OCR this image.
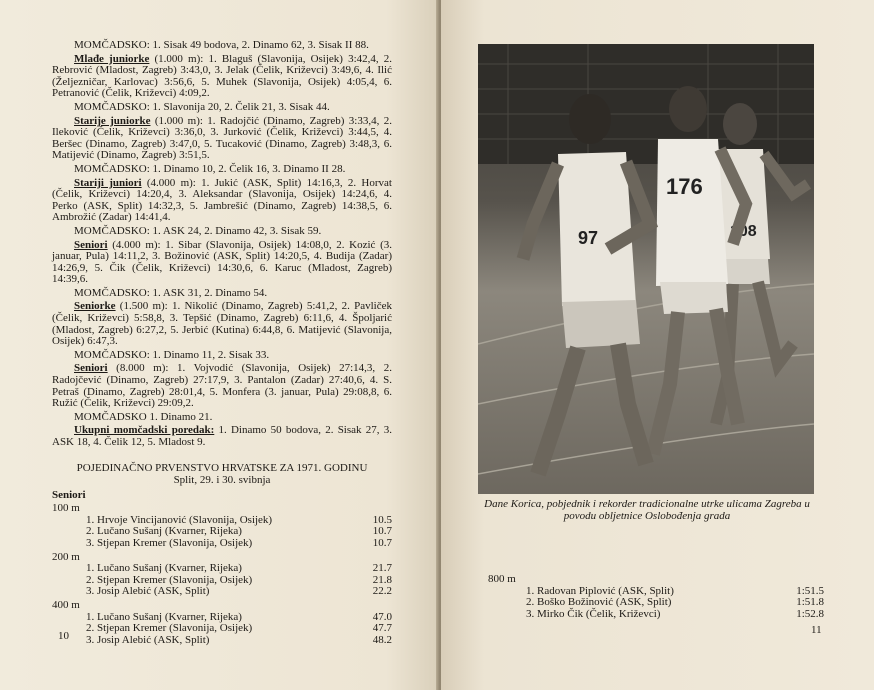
MOMČADSKO: 1. Sisak 49 bodova, 2. Dinamo 62, 3. Sisak II 88.
Mlađe juniorke (1.000 m): 1. Blaguš (Slavonija, Osijek) 3:42,4, 2. Rebrović (Mladost, Zagreb) 3:43,0, 3. Jelak (Čelik, Križevci) 3:49,6, 4. Ilić (Željezničar, Karlovac) 3:56,6, 5. Muhek (Slavonija, Osijek) 4:05,4, 6. Petranović (Čelik, Križevci) 4:09,2.
MOMČADSKO: 1. Slavonija 20, 2. Čelik 21, 3. Sisak 44.
Starije juniorke (1.000 m): 1. Radojčić (Dinamo, Zagreb) 3:33,4, 2. Ileković (Čelik, Križevci) 3:36,0, 3. Jurković (Čelik, Križevci) 3:44,5, 4. Beršec (Dinamo, Zagreb) 3:47,0, 5. Tucaković (Dinamo, Zagreb) 3:48,3, 6. Matijević (Dinamo, Zagreb) 3:51,5.
MOMČADSKO: 1. Dinamo 10, 2. Čelik 16, 3. Dinamo II 28.
Stariji juniori (4.000 m): 1. Jukić (ASK, Split) 14:16,3, 2. Horvat (Čelik, Križevci) 14:20,4, 3. Aleksandar (Slavonija, Osijek) 14:24,6, 4. Perko (ASK, Split) 14:32,3, 5. Jambrešić (Dinamo, Zagreb) 14:38,5, 6. Ambrožić (Zadar) 14:41,4.
MOMČADSKO: 1. ASK 24, 2. Dinamo 42, 3. Sisak 59.
Seniori (4.000 m): 1. Sibar (Slavonija, Osijek) 14:08,0, 2. Kozić (3. januar, Pula) 14:11,2, 3. Božinović (ASK, Split) 14:20,5, 4. Budija (Zadar) 14:26,9, 5. Čik (Čelik, Križevci) 14:30,6, 6. Karuc (Mladost, Zagreb) 14:39,6.
MOMČADSKO: 1. ASK 31, 2. Dinamo 54.
Seniorke (1.500 m): 1. Nikolić (Dinamo, Zagreb) 5:41,2, 2. Pavliček (Čelik, Križevci) 5:58,8, 3. Tepšić (Dinamo, Zagreb) 6:11,6, 4. Špoljarić (Mladost, Zagreb) 6:27,2, 5. Jerbić (Kutina) 6:44,8, 6. Matijević (Slavonija, Osijek) 6:47,3.
MOMČADSKO: 1. Dinamo 11, 2. Sisak 33.
Seniori (8.000 m): 1. Vojvodić (Slavonija, Osijek) 27:14,3, 2. Radojčević (Dinamo, Zagreb) 27:17,9, 3. Pantalon (Zadar) 27:40,6, 4. S. Petraš (Dinamo, Zagreb) 28:01,4, 5. Monfera (3. januar, Pula) 29:08,8, 6. Ružić (Čelik, Križevci) 29:09,2.
MOMČADSKO 1. Dinamo 21.
Ukupni momčadski poredak: 1. Dinamo 50 bodova, 2. Sisak 27, 3. ASK 18, 4. Čelik 12, 5. Mladost 9.
POJEDINAČNO PRVENSTVO HRVATSKE ZA 1971. GODINU
Split, 29. i 30. svibnja
Seniori
100 m
1. Hrvoje Vincijanović (Slavonija, Osijek)	10.5
2. Lučano Sušanj (Kvarner, Rijeka)	10.7
3. Stjepan Kremer (Slavonija, Osijek)	10.7
200 m
1. Lučano Sušanj (Kvarner, Rijeka)	21.7
2. Stjepan Kremer (Slavonija, Osijek)	21.8
3. Josip Alebić (ASK, Split)	22.2
400 m
1. Lučano Sušanj (Kvarner, Rijeka)	47.0
2. Stjepan Kremer (Slavonija, Osijek)	47.7
3. Josip Alebić (ASK, Split)	48.2
10	11
108
176
97
Dane Korica, pobjednik i rekorder tradicionalne utrke ulicama Zagreba u povodu obljetnice Oslobođenja grada
800 m
1. Radovan Piplović (ASK, Split)	1:51.5
2. Boško Božinović (ASK, Split)	1:51.8
3. Mirko Čik (Čelik, Križevci)	1:52.8
